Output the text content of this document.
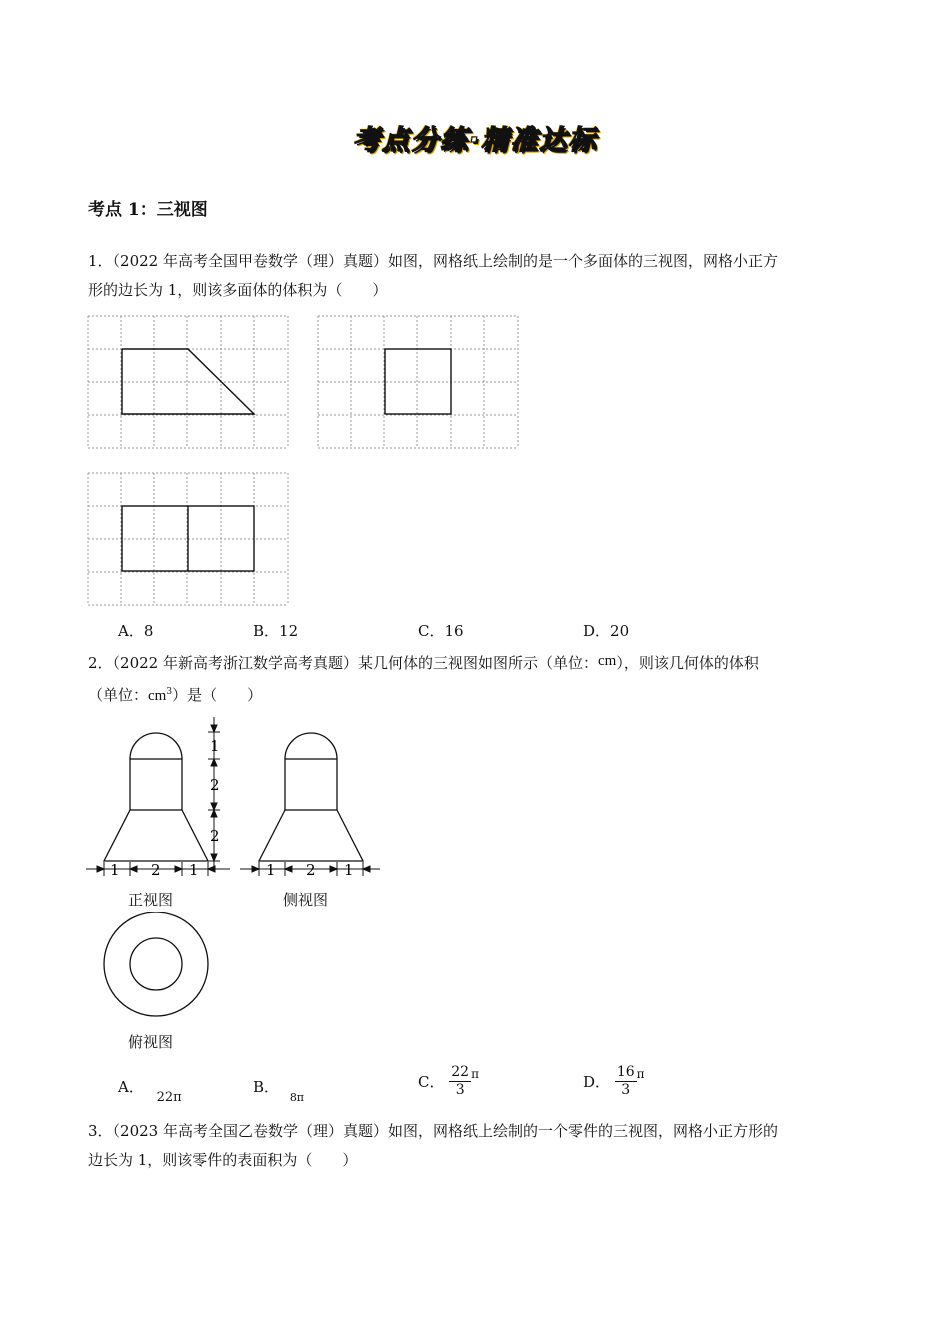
考点分练·精准达标
考点 1：三视图
1．（2022 年高考全国甲卷数学（理）真题）如图，网格纸上绘制的是一个多面体的三视图，网格小正方
形的边长为 1，则该多面体的体积为（　　）
A．8	B．12	C．16	D．20
2．（2022 年新高考浙江数学高考真题）某几何体的三视图如图所示（单位：cm），则该几何体的体积
（单位：$cm^3$）是（　　）
1
2
2
1 2 1
正视图
1 2 1
侧视图
俯视图
A． 22π
B． $_{8\pi}$
C． $\frac{22}{3} ^\pi$	D． $\frac{16}{3} ^\pi$
3．（2023 年高考全国乙卷数学（理）真题）如图，网格纸上绘制的一个零件的三视图，网格小正方形的
边长为 1，则该零件的表面积为（　　）
